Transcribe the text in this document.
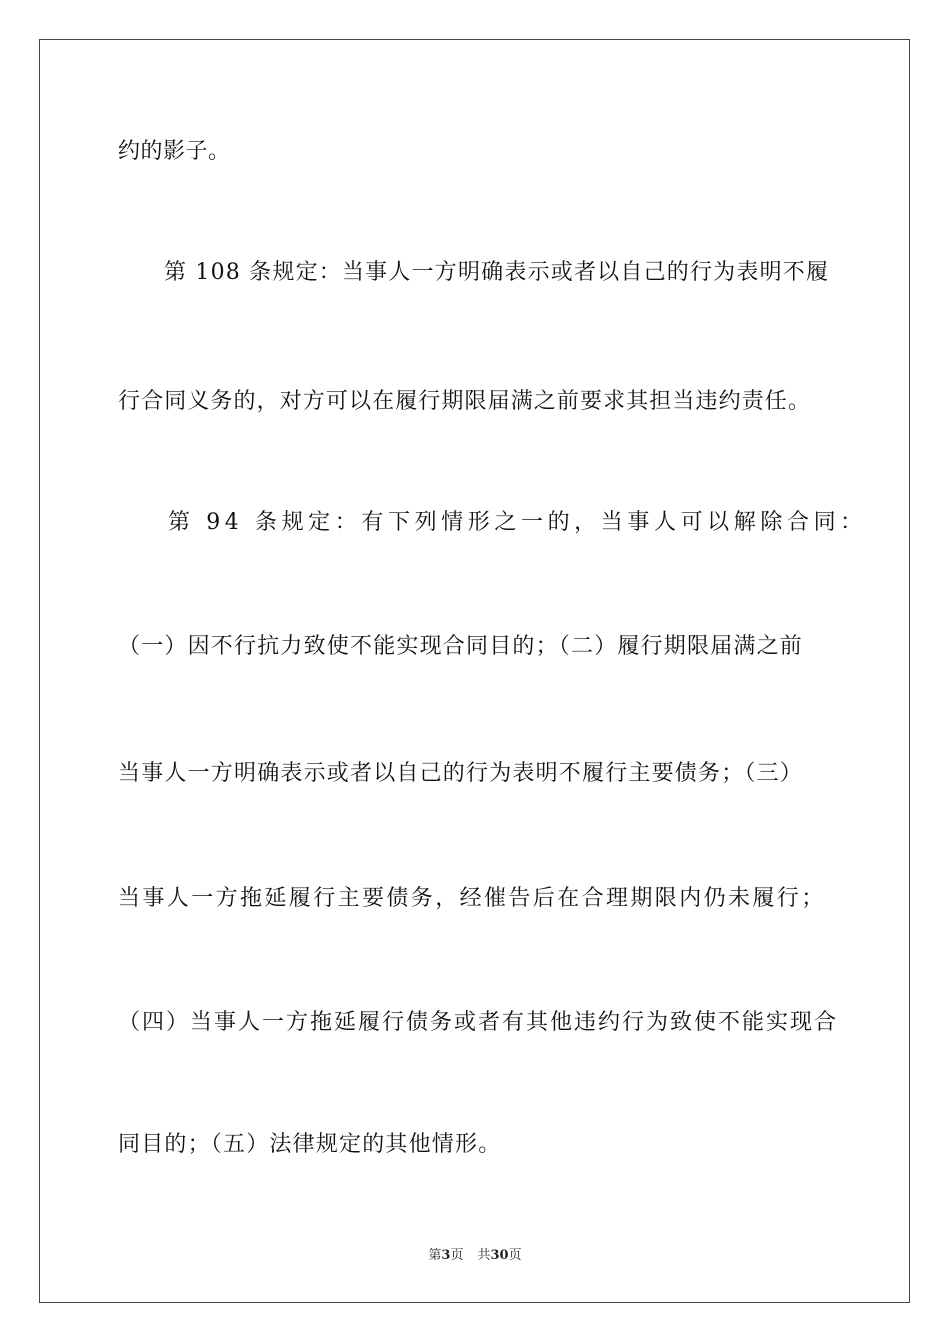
约的影子。
第 108 条规定：当事人一方明确表示或者以自己的行为表明不履
行合同义务的，对方可以在履行期限届满之前要求其担当违约责任。
第 94 条规定：有下列情形之一的，当事人可以解除合同：
（一）因不行抗力致使不能实现合同目的；（二）履行期限届满之前
当事人一方明确表示或者以自己的行为表明不履行主要债务；（三）
当事人一方拖延履行主要债务，经催告后在合理期限内仍未履行；
（四）当事人一方拖延履行债务或者有其他违约行为致使不能实现合
同目的；（五）法律规定的其他情形。
第3页 共30页
